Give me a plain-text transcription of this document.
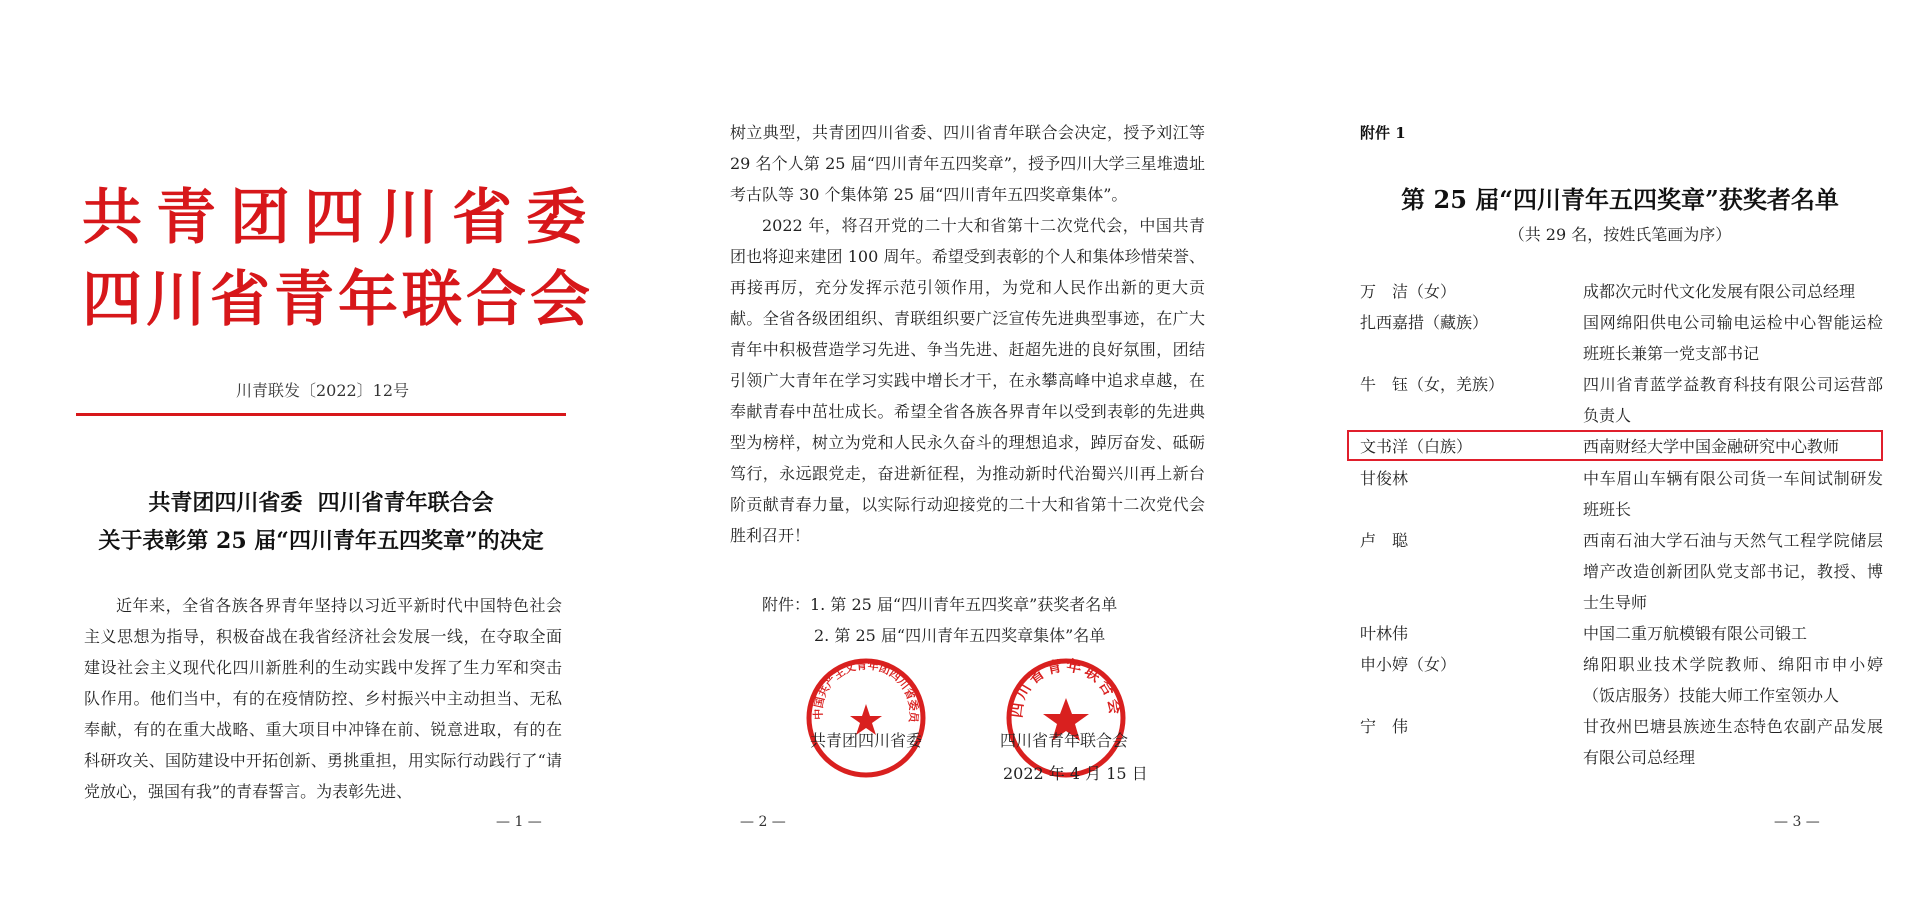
共青团四川省委
四川省青年联合会
川青联发〔2022〕12号
共青团四川省委  四川省青年联合会
关于表彰第 25 届“四川青年五四奖章”的决定
近年来，全省各族各界青年坚持以习近平新时代中国特色社会主义思想为指导，积极奋战在我省经济社会发展一线，在夺取全面建设社会主义现代化四川新胜利的生动实践中发挥了生力军和突击队作用。他们当中，有的在疫情防控、乡村振兴中主动担当、无私奉献，有的在重大战略、重大项目中冲锋在前、锐意进取，有的在科研攻关、国防建设中开拓创新、勇挑重担，用实际行动践行了“请党放心，强国有我”的青春誓言。为表彰先进、
— 1 —
树立典型，共青团四川省委、四川省青年联合会决定，授予刘江等 29 名个人第 25 届“四川青年五四奖章”，授予四川大学三星堆遗址考古队等 30 个集体第 25 届“四川青年五四奖章集体”。
2022 年，将召开党的二十大和省第十二次党代会，中国共青团也将迎来建团 100 周年。希望受到表彰的个人和集体珍惜荣誉、再接再厉，充分发挥示范引领作用，为党和人民作出新的更大贡献。全省各级团组织、青联组织要广泛宣传先进典型事迹，在广大青年中积极营造学习先进、争当先进、赶超先进的良好氛围，团结引领广大青年在学习实践中增长才干，在永攀高峰中追求卓越，在奉献青春中茁壮成长。希望全省各族各界青年以受到表彰的先进典型为榜样，树立为党和人民永久奋斗的理想追求，踔厉奋发、砥砺笃行，永远跟党走，奋进新征程，为推动新时代治蜀兴川再上新台阶贡献青春力量，以实际行动迎接党的二十大和省第十二次党代会胜利召开！
附件：1. 第 25 届“四川青年五四奖章”获奖者名单
2. 第 25 届“四川青年五四奖章集体”名单
中国共产主义青年团四川省委员	四川省青年联合会
共青团四川省委	四川省青年联合会
2022 年 4 月 15 日
— 2 —
附件 1
第 25 届“四川青年五四奖章”获奖者名单
（共 29 名，按姓氏笔画为序）
万　洁（女）	成都次元时代文化发展有限公司总经理
扎西嘉措（藏族）	国网绵阳供电公司输电运检中心智能运检班班长兼第一党支部书记
牛　钰（女，羌族）	四川省青蓝学益教育科技有限公司运营部负责人
文书洋（白族）	西南财经大学中国金融研究中心教师
甘俊林	中车眉山车辆有限公司货一车间试制研发班班长
卢　聪	西南石油大学石油与天然气工程学院储层增产改造创新团队党支部书记，教授、博士生导师
叶林伟	中国二重万航模锻有限公司锻工
申小婷（女）	绵阳职业技术学院教师、绵阳市申小婷（饭店服务）技能大师工作室领办人
宁　伟	甘孜州巴塘县族迹生态特色农副产品发展有限公司总经理
— 3 —
